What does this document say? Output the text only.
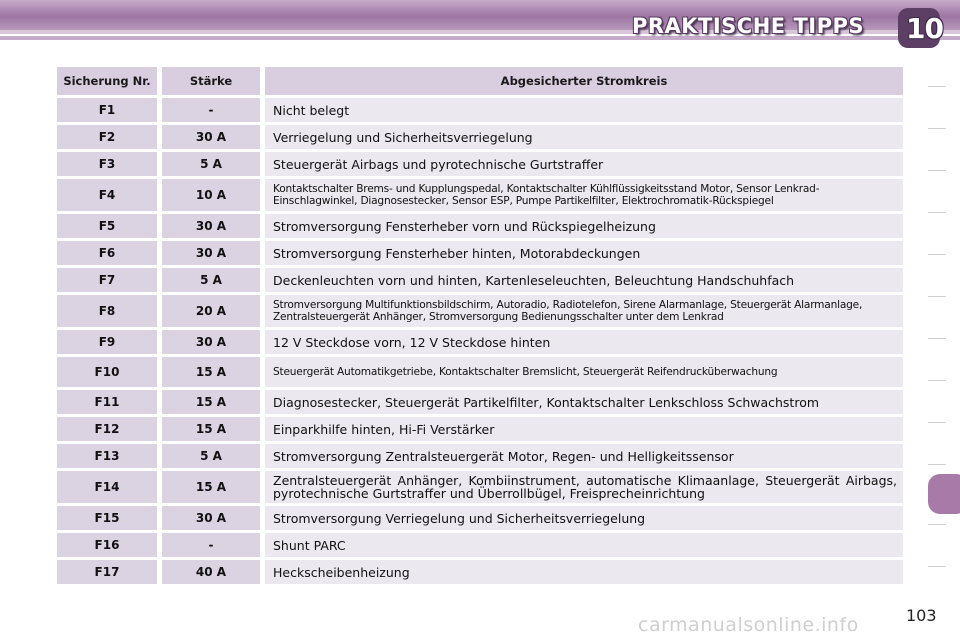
PRAKTISCHE TIPPS 10
Sicherung Nr.		Stärke		Abgesicherter Stromkreis
F1		-		Nicht belegt
F2		30 A		Verriegelung und Sicherheitsverriegelung
F3		5 A		Steuergerät Airbags und pyrotechnische Gurtstraffer
F4		10 A		Kontaktschalter Brems- und Kupplungspedal, Kontaktschalter Kühlflüssigkeitsstand Motor, Sensor Lenkrad-Einschlagwinkel, Diagnosestecker, Sensor ESP, Pumpe Partikelfilter, Elektrochromatik-Rückspiegel
F5		30 A		Stromversorgung Fensterheber vorn und Rückspiegelheizung
F6		30 A		Stromversorgung Fensterheber hinten, Motorabdeckungen
F7		5 A		Deckenleuchten vorn und hinten, Kartenleseleuchten, Beleuchtung Handschuhfach
F8		20 A		Stromversorgung Multifunktionsbildschirm, Autoradio, Radiotelefon, Sirene Alarmanlage, Steuergerät Alarmanlage, Zentralsteuergerät Anhänger, Stromversorgung Bedienungsschalter unter dem Lenkrad
F9		30 A		12 V Steckdose vorn, 12 V Steckdose hinten
F10		15 A		Steuergerät Automatikgetriebe, Kontaktschalter Bremslicht, Steuergerät Reifendrucküberwachung
F11		15 A		Diagnosestecker, Steuergerät Partikelfilter, Kontaktschalter Lenkschloss Schwachstrom
F12		15 A		Einparkhilfe hinten, Hi-Fi Verstärker
F13		5 A		Stromversorgung Zentralsteuergerät Motor, Regen- und Helligkeitssensor
F14		15 A		Zentralsteuergerät Anhänger, Kombiinstrument, automatische Klimaanlage, Steuergerät Airbags, pyrotechnische Gurtstraffer und Überrollbügel, Freisprecheinrichtung
F15		30 A		Stromversorgung Verriegelung und Sicherheitsverriegelung
F16		-		Shunt PARC
F17		40 A		Heckscheibenheizung
103
carmanualsonline.info
